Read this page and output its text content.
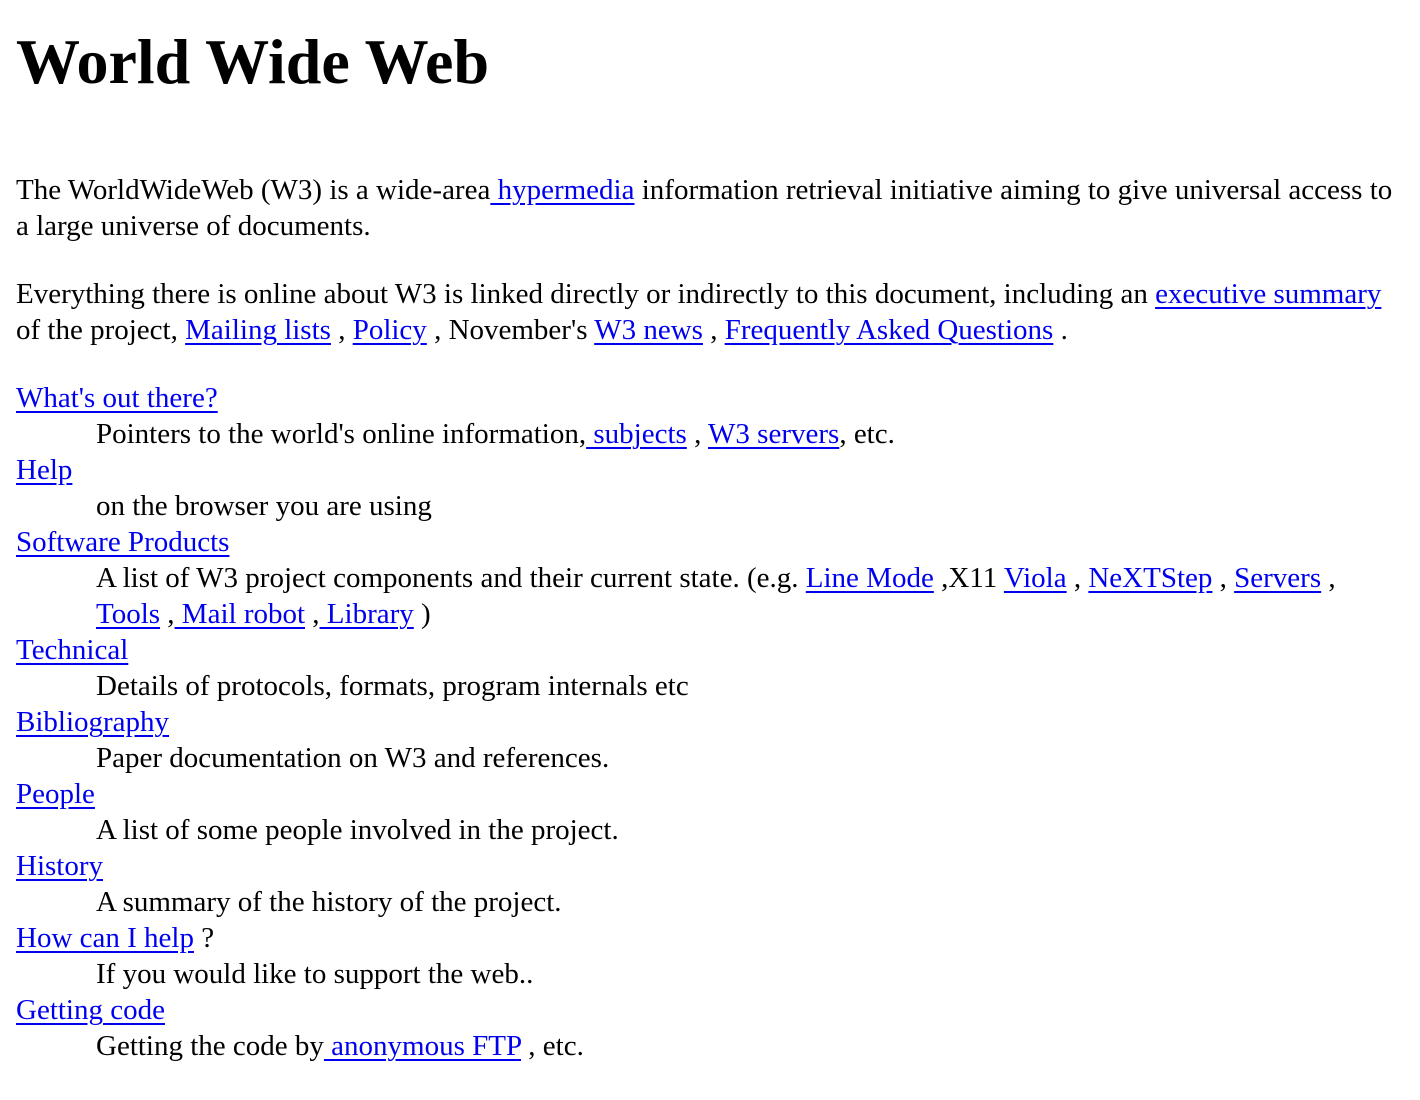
World Wide Web

The WorldWideWeb (W3) is a wide-area hypermedia information retrieval initiative aiming to give universal access to a large universe of documents.

Everything there is online about W3 is linked directly or indirectly to this document, including an executive summary of the project, Mailing lists , Policy , November's W3 news , Frequently Asked Questions .

What's out there?
Pointers to the world's online information, subjects , W3 servers, etc.
Help
on the browser you are using
Software Products
A list of W3 project components and their current state. (e.g. Line Mode ,X11 Viola , NeXTStep , Servers , Tools , Mail robot , Library )
Technical
Details of protocols, formats, program internals etc
Bibliography
Paper documentation on W3 and references.
People
A list of some people involved in the project.
History
A summary of the history of the project.
How can I help ?
If you would like to support the web..
Getting code
Getting the code by anonymous FTP , etc.
